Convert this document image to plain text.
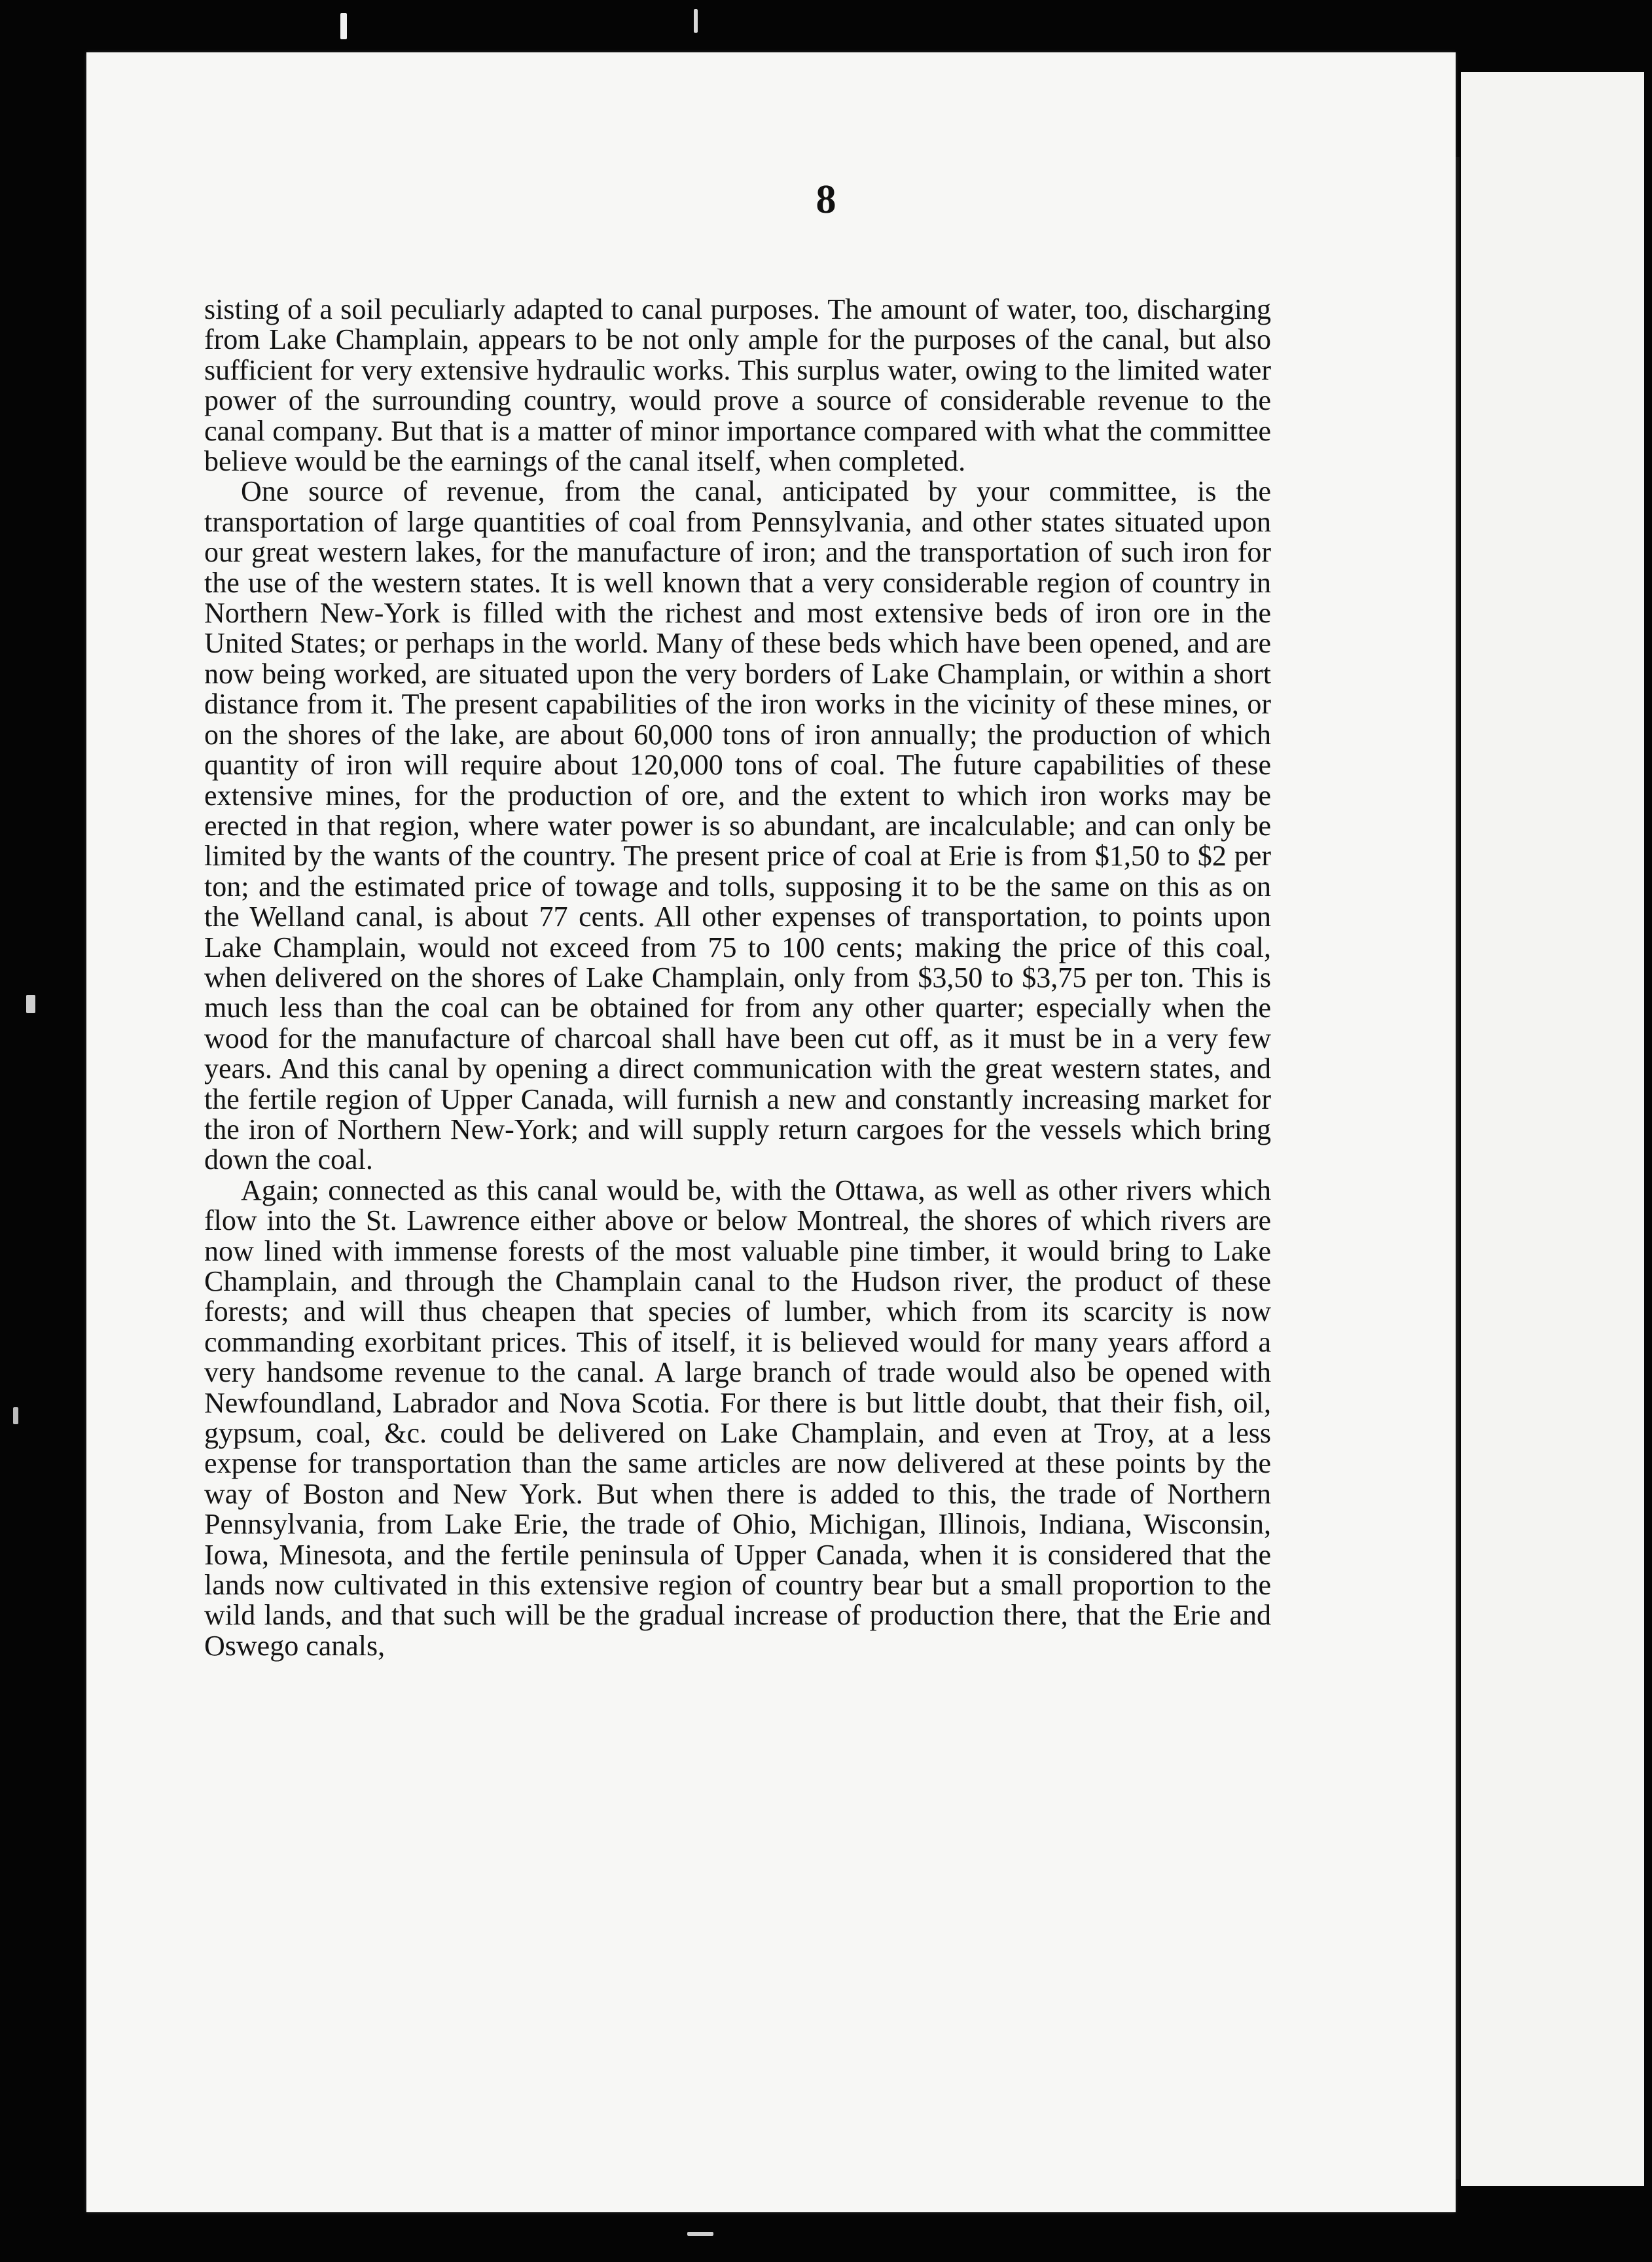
8

sisting of a soil peculiarly adapted to canal purposes. The amount of water, too, discharging from Lake Champlain, appears to be not only ample for the purposes of the canal, but also sufficient for very extensive hydraulic works. This surplus water, owing to the limited water power of the surrounding country, would prove a source of considerable revenue to the canal company. But that is a matter of minor importance compared with what the committee believe would be the earnings of the canal itself, when completed.

One source of revenue, from the canal, anticipated by your committee, is the transportation of large quantities of coal from Pennsylvania, and other states situated upon our great western lakes, for the manufacture of iron; and the transportation of such iron for the use of the western states. It is well known that a very considerable region of country in Northern New-York is filled with the richest and most extensive beds of iron ore in the United States; or perhaps in the world. Many of these beds which have been opened, and are now being worked, are situated upon the very borders of Lake Champlain, or within a short distance from it. The present capabilities of the iron works in the vicinity of these mines, or on the shores of the lake, are about 60,000 tons of iron annually; the production of which quantity of iron will require about 120,000 tons of coal. The future capabilities of these extensive mines, for the production of ore, and the extent to which iron works may be erected in that region, where water power is so abundant, are incalculable; and can only be limited by the wants of the country. The present price of coal at Erie is from $1,50 to $2 per ton; and the estimated price of towage and tolls, supposing it to be the same on this as on the Welland canal, is about 77 cents. All other expenses of transportation, to points upon Lake Champlain, would not exceed from 75 to 100 cents; making the price of this coal, when delivered on the shores of Lake Champlain, only from $3,50 to $3,75 per ton. This is much less than the coal can be obtained for from any other quarter; especially when the wood for the manufacture of charcoal shall have been cut off, as it must be in a very few years. And this canal by opening a direct communication with the great western states, and the fertile region of Upper Canada, will furnish a new and constantly increasing market for the iron of Northern New-York; and will supply return cargoes for the vessels which bring down the coal.

Again; connected as this canal would be, with the Ottawa, as well as other rivers which flow into the St. Lawrence either above or below Montreal, the shores of which rivers are now lined with immense forests of the most valuable pine timber, it would bring to Lake Champlain, and through the Champlain canal to the Hudson river, the product of these forests; and will thus cheapen that species of lumber, which from its scarcity is now commanding exorbitant prices. This of itself, it is believed would for many years afford a very handsome revenue to the canal. A large branch of trade would also be opened with Newfoundland, Labrador and Nova Scotia. For there is but little doubt, that their fish, oil, gypsum, coal, &c. could be delivered on Lake Champlain, and even at Troy, at a less expense for transportation than the same articles are now delivered at these points by the way of Boston and New York. But when there is added to this, the trade of Northern Pennsylvania, from Lake Erie, the trade of Ohio, Michigan, Illinois, Indiana, Wisconsin, Iowa, Minesota, and the fertile peninsula of Upper Canada, when it is considered that the lands now cultivated in this extensive region of country bear but a small proportion to the wild lands, and that such will be the gradual increase of production there, that the Erie and Oswego canals,
